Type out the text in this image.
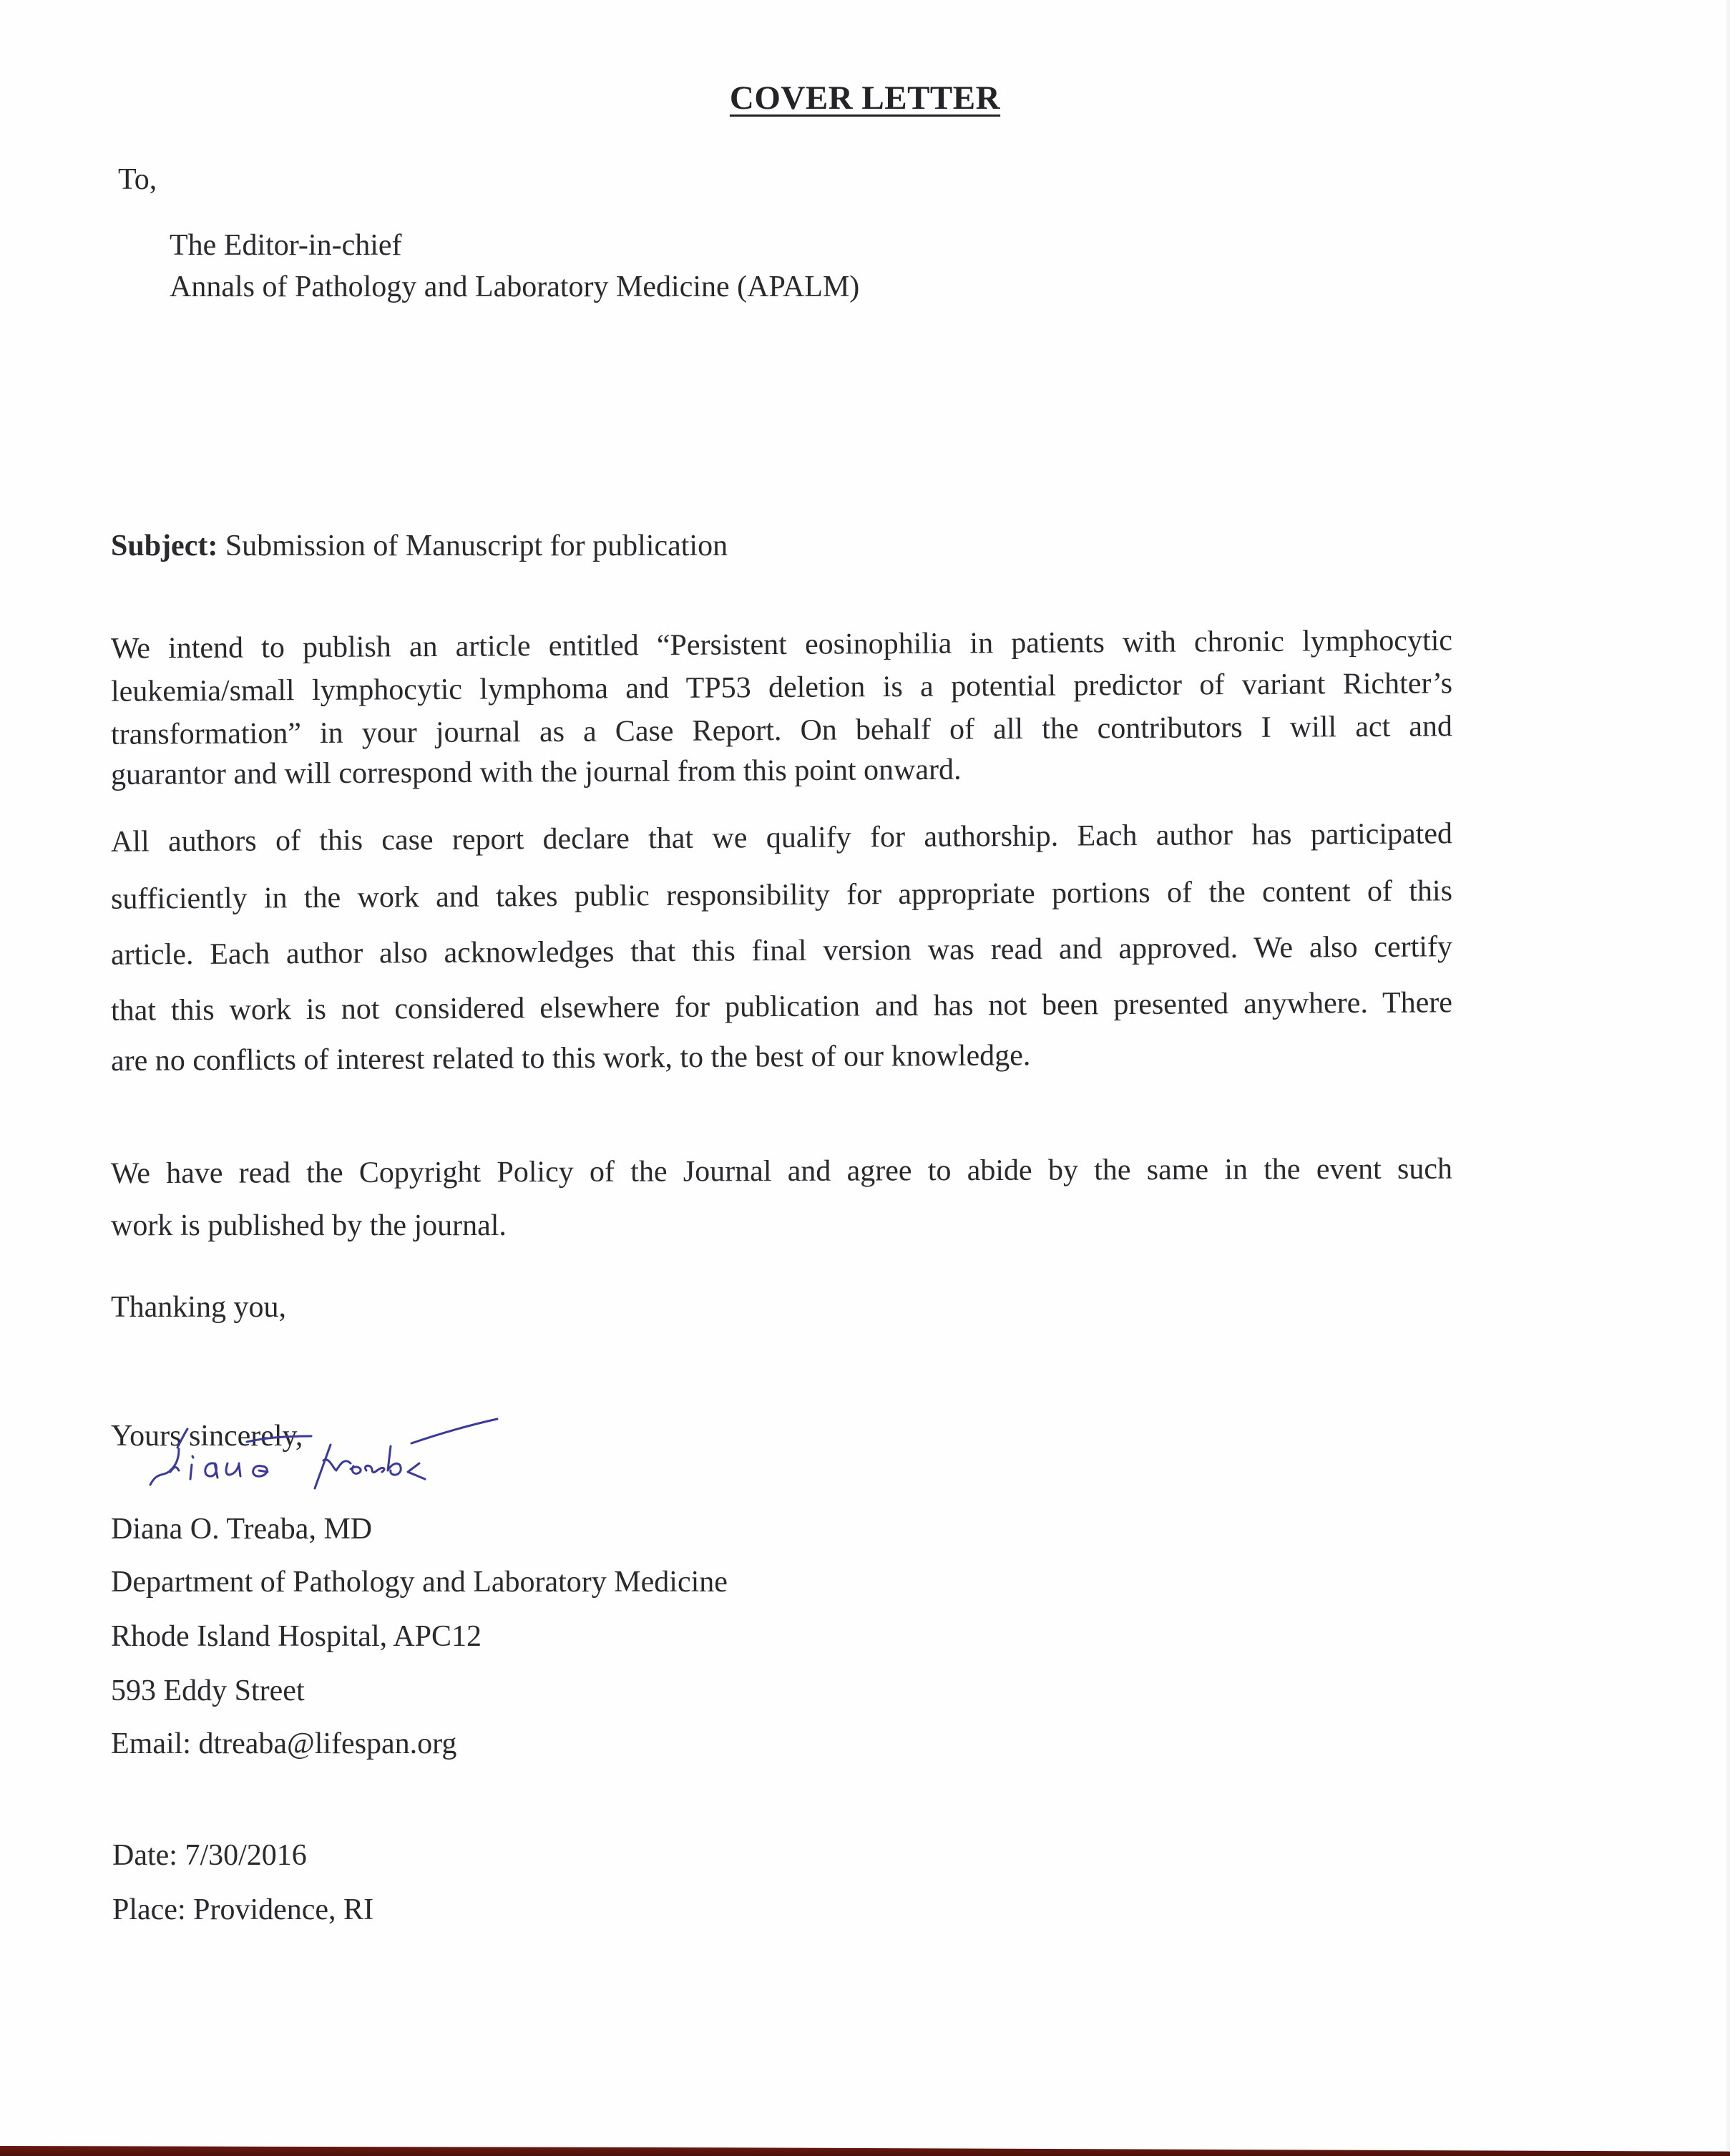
COVER LETTER
To,
The Editor-in-chief
Annals of Pathology and Laboratory Medicine (APALM)
Subject: Submission of Manuscript for publication
We intend to publish an article entitled “Persistent eosinophilia in patients with chronic lymphocytic
leukemia/small lymphocytic lymphoma and TP53 deletion is a potential predictor of variant Richter’s
transformation” in your journal as a Case Report. On behalf of all the contributors I will act and
guarantor and will correspond with the journal from this point onward.
All authors of this case report declare that we qualify for authorship. Each author has participated
sufficiently in the work and takes public responsibility for appropriate portions of the content of this
article. Each author also acknowledges that this final version was read and approved. We also certify
that this work is not considered elsewhere for publication and has not been presented anywhere. There
are no conflicts of interest related to this work, to the best of our knowledge.
We have read the Copyright Policy of the Journal and agree to abide by the same in the event such
work is published by the journal.
Thanking you,
Yours sincerely,
Diana O. Treaba, MD
Department of Pathology and Laboratory Medicine
Rhode Island Hospital, APC12
593 Eddy Street
Email: dtreaba@lifespan.org
Date: 7/30/2016
Place: Providence, RI
